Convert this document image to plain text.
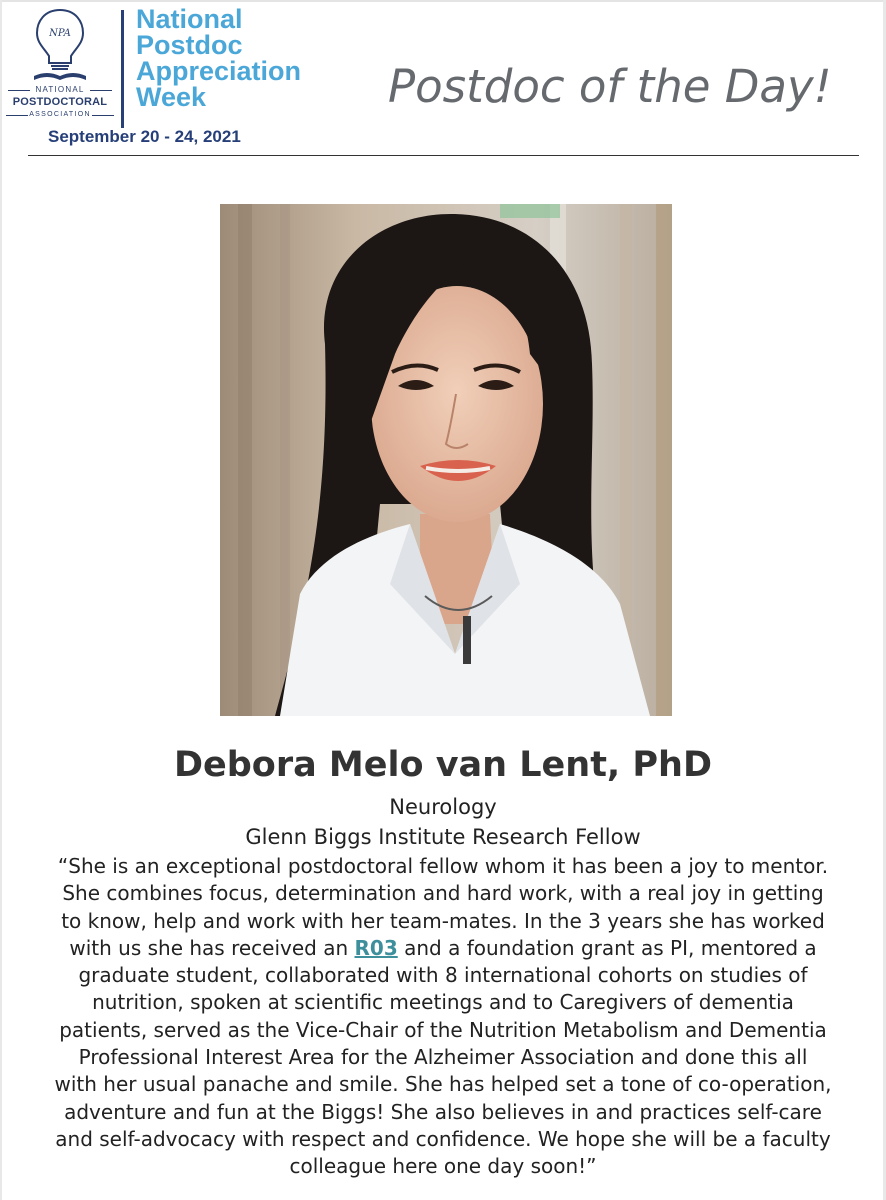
NPA
NATIONAL
POSTDOCTORAL
ASSOCIATION
National
Postdoc
Appreciation
Week
September 20 - 24, 2021
Postdoc of the Day!
Debora Melo van Lent, PhD
Neurology
Glenn Biggs Institute Research Fellow
“She is an exceptional postdoctoral fellow whom it has been a joy to mentor.
She combines focus, determination and hard work, with a real joy in getting
to know, help and work with her team-mates. In the 3 years she has worked
with us she has received an R03 and a foundation grant as PI, mentored a
graduate student, collaborated with 8 international cohorts on studies of
nutrition, spoken at scientific meetings and to Caregivers of dementia
patients, served as the Vice-Chair of the Nutrition Metabolism and Dementia
Professional Interest Area for the Alzheimer Association and done this all
with her usual panache and smile. She has helped set a tone of co-operation,
adventure and fun at the Biggs! She also believes in and practices self-care
and self-advocacy with respect and confidence. We hope she will be a faculty
colleague here one day soon!”
